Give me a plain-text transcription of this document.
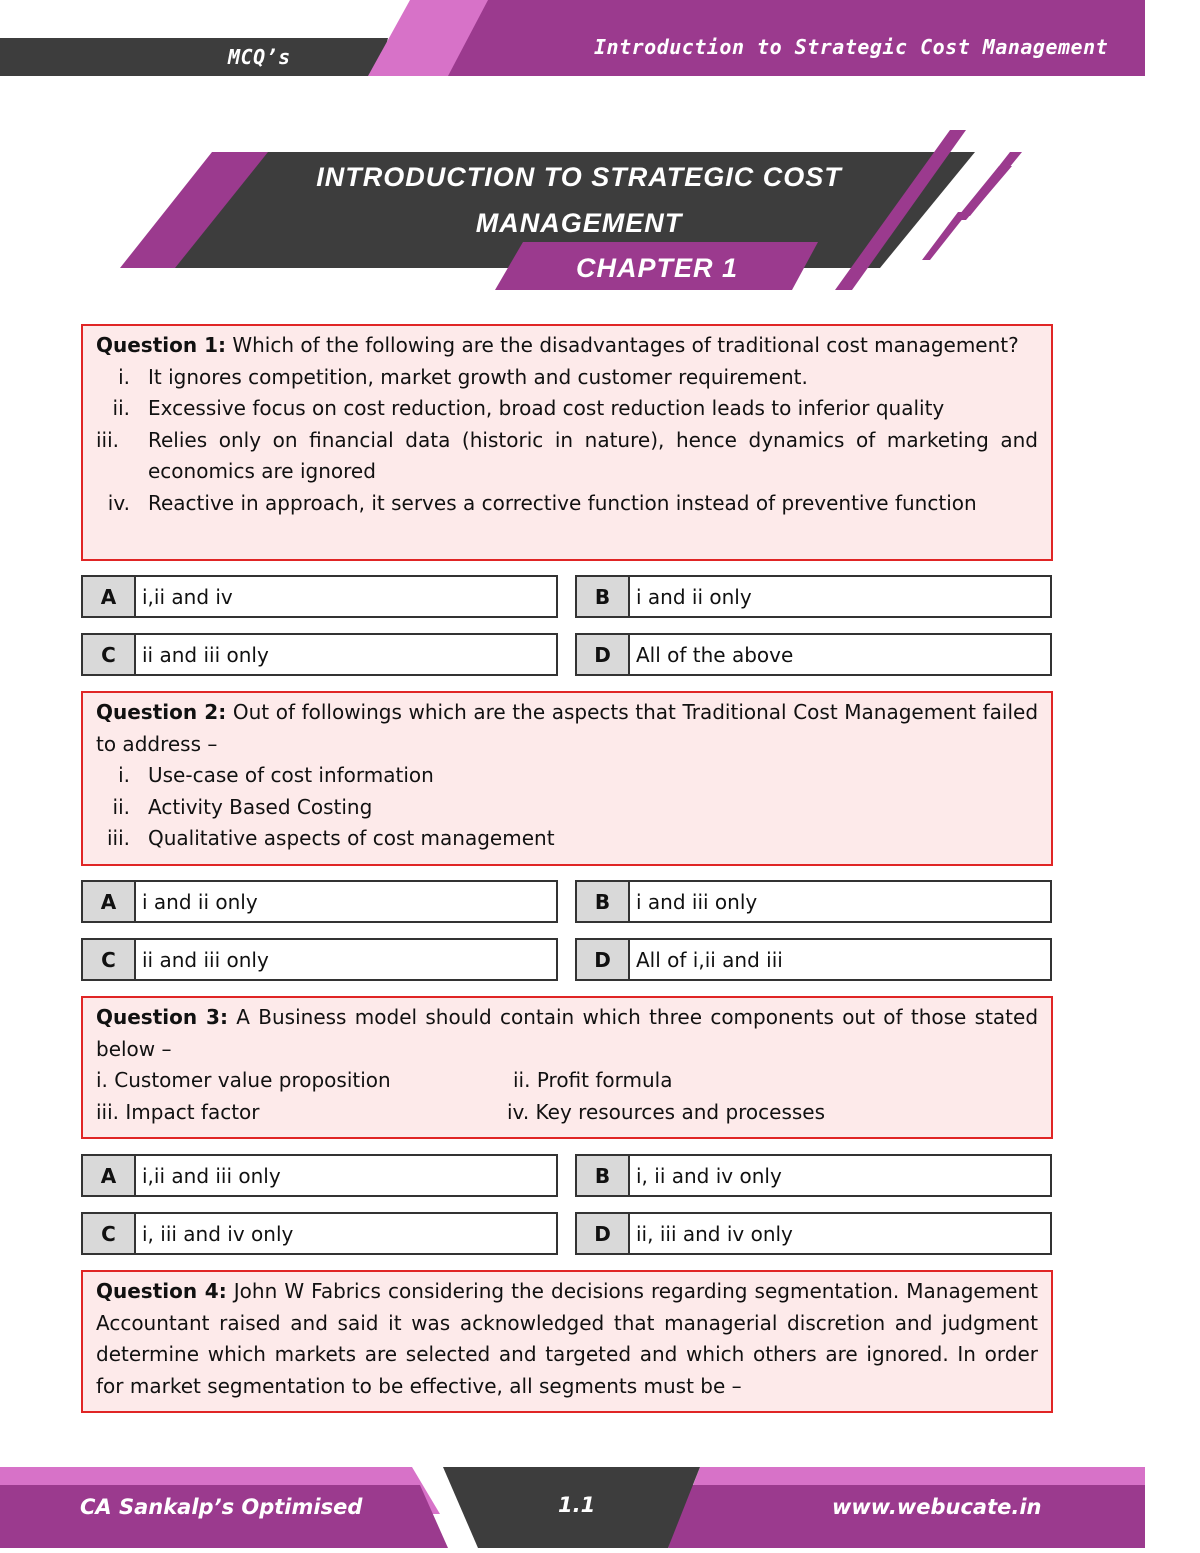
MCQ’s	Introduction to Strategic Cost Management
INTRODUCTION TO STRATEGIC COST
MANAGEMENT
CHAPTER 1

Question 1: Which of the following are the disadvantages of traditional cost management?

i. It ignores competition, market growth and customer requirement.
ii. Excessive focus on cost reduction, broad cost reduction leads to inferior quality
iii.	Relies only on financial data (historic in nature), hence dynamics of marketing and economics are ignored
iv. Reactive in approach, it serves a corrective function instead of preventive function
A	i,ii and iv	B	i and ii only
C	ii and iii only	D	All of the above

Question 2: Out of followings which are the aspects that Traditional Cost Management failed to address –

i. Use-case of cost information
ii. Activity Based Costing
iii. Qualitative aspects of cost management
A	i and ii only	B	i and iii only
C	ii and iii only	D	All of i,ii and iii

Question 3: A Business model should contain which three components out of those stated below –

i. Customer value proposition	ii. Profit formula
iii. Impact factor	iv. Key resources and processes
A	i,ii and iii only	B	i, ii and iv only
C	i, iii and iv only	D	ii, iii and iv only

Question 4: John W Fabrics considering the decisions regarding segmentation. Management Accountant raised and said it was acknowledged that managerial discretion and judgment determine which markets are selected and targeted and which others are ignored. In order for market segmentation to be effective, all segments must be –

CA Sankalp’s Optimised	1.1	www.webucate.in
